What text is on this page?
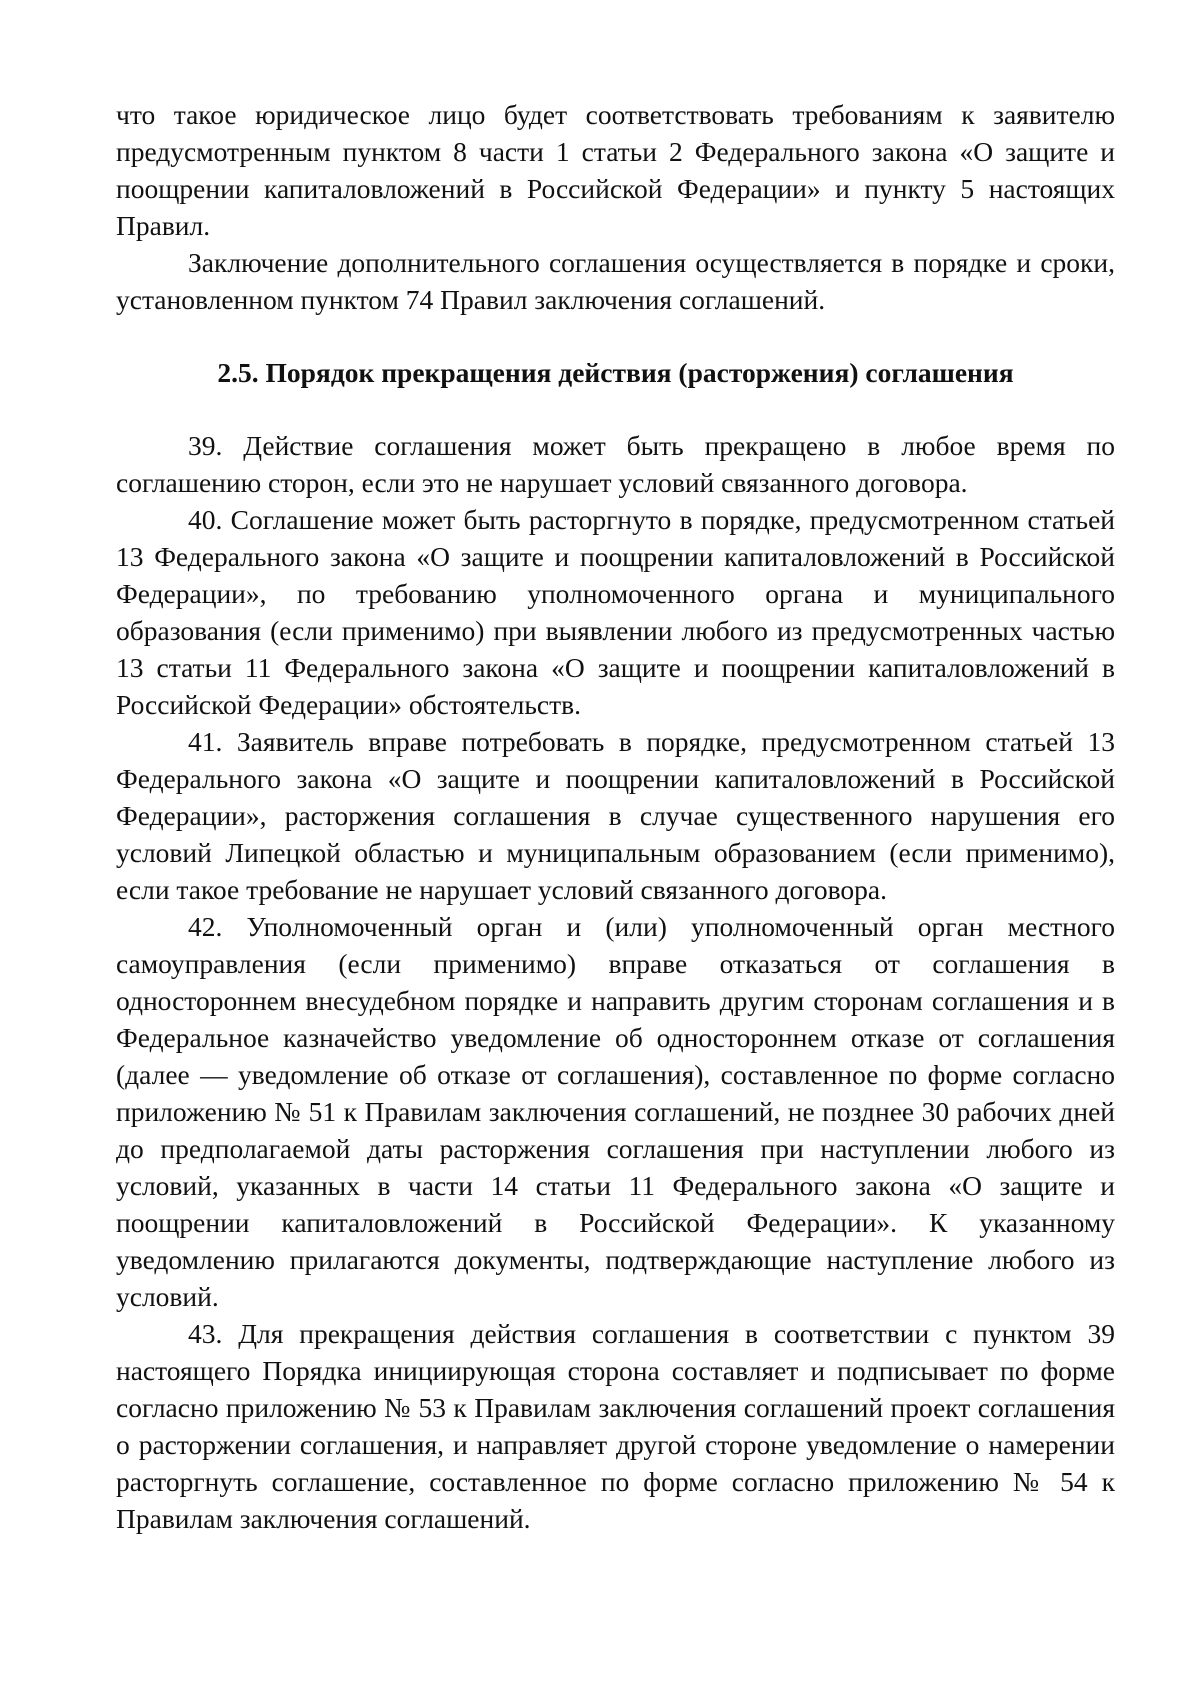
что такое юридическое лицо будет соответствовать требованиям к заявителю предусмотренным пунктом 8 части 1 статьи 2 Федерального закона «О защите и поощрении капиталовложений в Российской Федерации» и пункту 5 настоящих Правил.

Заключение дополнительного соглашения осуществляется в порядке и сроки, установленном пунктом 74 Правил заключения соглашений.

2.5. Порядок прекращения действия (расторжения) соглашения

39. Действие соглашения может быть прекращено в любое время по соглашению сторон, если это не нарушает условий связанного договора.

40. Соглашение может быть расторгнуто в порядке, предусмотренном статьей 13 Федерального закона «О защите и поощрении капиталовложений в Российской Федерации», по требованию уполномоченного органа и муниципального образования (если применимо) при выявлении любого из предусмотренных частью 13 статьи 11 Федерального закона «О защите и поощрении капиталовложений в Российской Федерации» обстоятельств.

41. Заявитель вправе потребовать в порядке, предусмотренном статьей 13 Федерального закона «О защите и поощрении капиталовложений в Российской Федерации», расторжения соглашения в случае существенного нарушения его условий Липецкой областью и муниципальным образованием (если применимо), если такое требование не нарушает условий связанного договора.

42. Уполномоченный орган и (или) уполномоченный орган местного самоуправления (если применимо) вправе отказаться от соглашения в одностороннем внесудебном порядке и направить другим сторонам соглашения и в Федеральное казначейство уведомление об одностороннем отказе от соглашения (далее — уведомление об отказе от соглашения), составленное по форме согласно приложению № 51 к Правилам заключения соглашений, не позднее 30 рабочих дней до предполагаемой даты расторжения соглашения при наступлении любого из условий, указанных в части 14 статьи 11 Федерального закона «О защите и поощрении капиталовложений в Российской Федерации». К указанному уведомлению прилагаются документы, подтверждающие наступление любого из условий.

43. Для прекращения действия соглашения в соответствии с пунктом 39 настоящего Порядка инициирующая сторона составляет и подписывает по форме согласно приложению № 53 к Правилам заключения соглашений проект соглашения о расторжении соглашения, и направляет другой стороне уведомление о намерении расторгнуть соглашение, составленное по форме согласно приложению № 54 к Правилам заключения соглашений.
